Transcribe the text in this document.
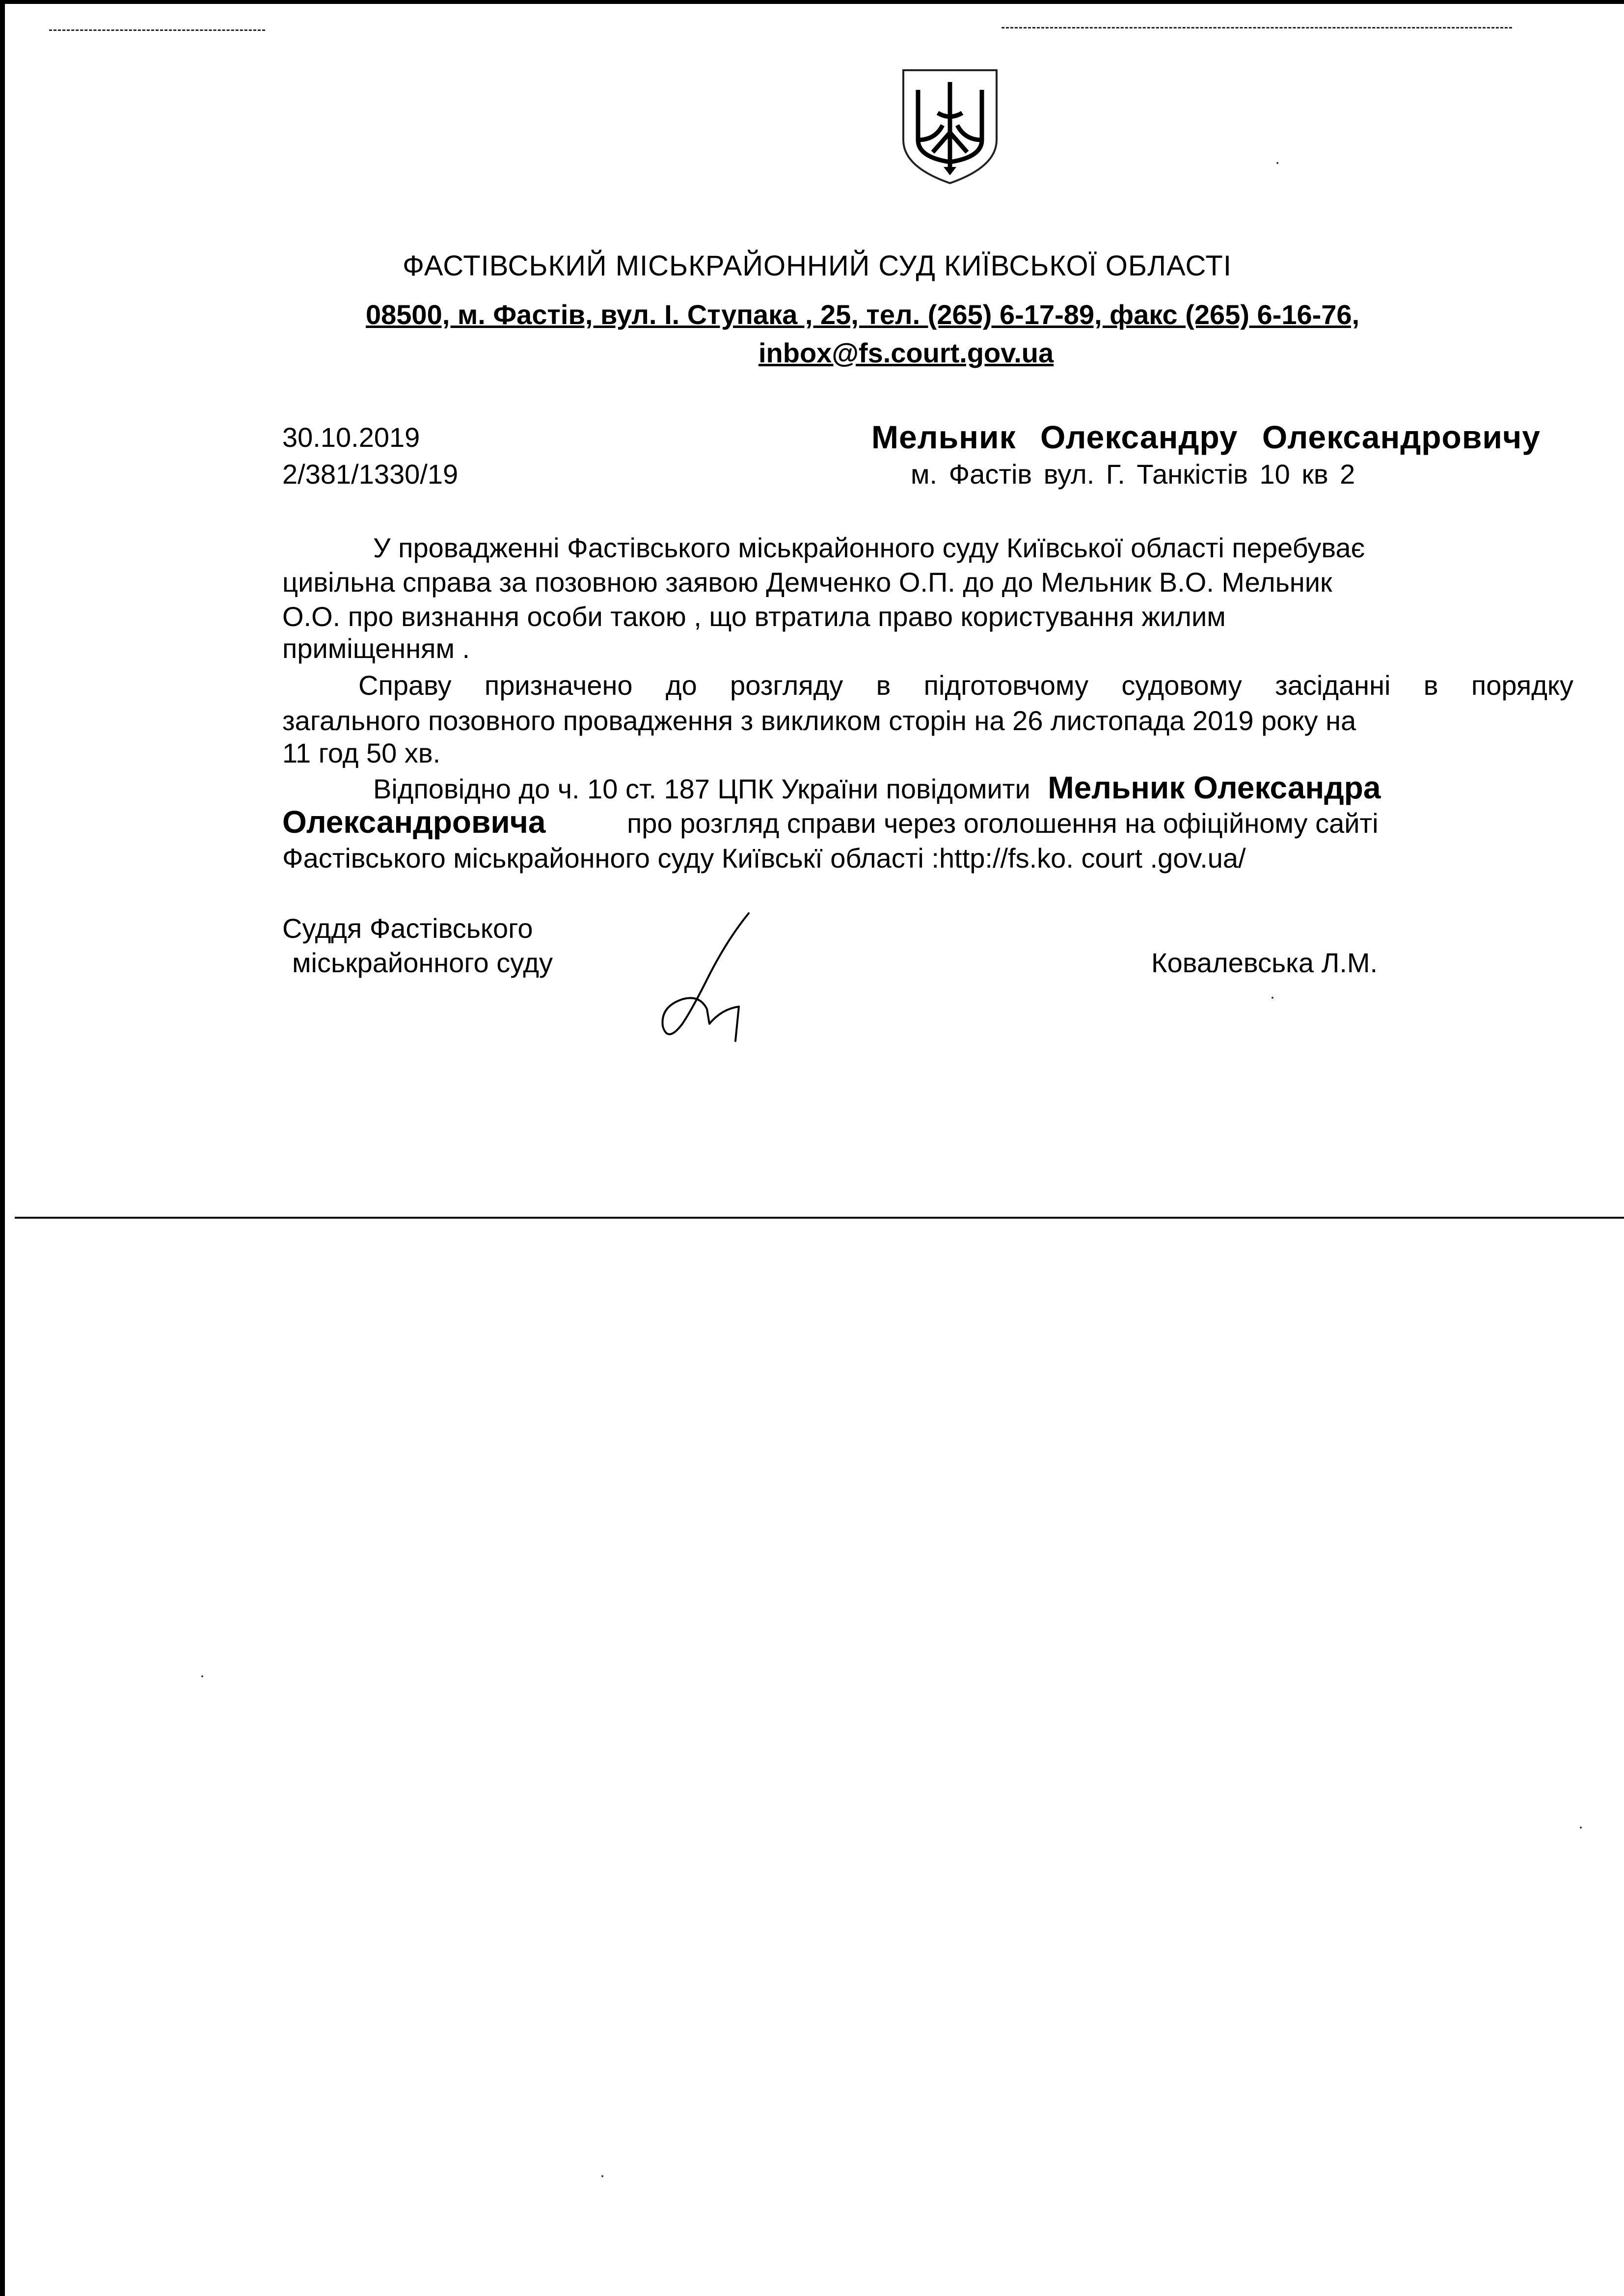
ФАСТІВСЬКИЙ МІСЬКРАЙОННИЙ СУД КИЇВСЬКОЇ ОБЛАСТІ
08500, м. Фастів, вул. І. Ступака , 25, тел. (265) 6-17-89, факс (265) 6-16-76,
inbox@fs.court.gov.ua
30.10.2019
2/381/1330/19
Мельник Олександру Олександровичу
м. Фастів вул. Г. Танкістів 10 кв 2
У провадженні Фастівського міськрайонного суду Київської області перебуває
цивільна справа за позовною заявою Демченко О.П. до до Мельник В.О. Мельник
О.О. про визнання особи такою , що втратила право користування жилим
приміщенням .
Справу призначено до розгляду в підготовчому судовому засіданні в порядку
загального позовного провадження з викликом сторін на 26 листопада 2019 року на
11 год 50 хв.
Відповідно до ч. 10 ст. 187 ЦПК України повідомити Мельник Олександра
Олександровича	про розгляд справи через оголошення на офіційному сайті
Фастівського міськрайонного суду Київськї області :http://fs.ko. court .gov.ua/
Суддя Фастівського
міськрайонного суду	Ковалевська Л.М.
